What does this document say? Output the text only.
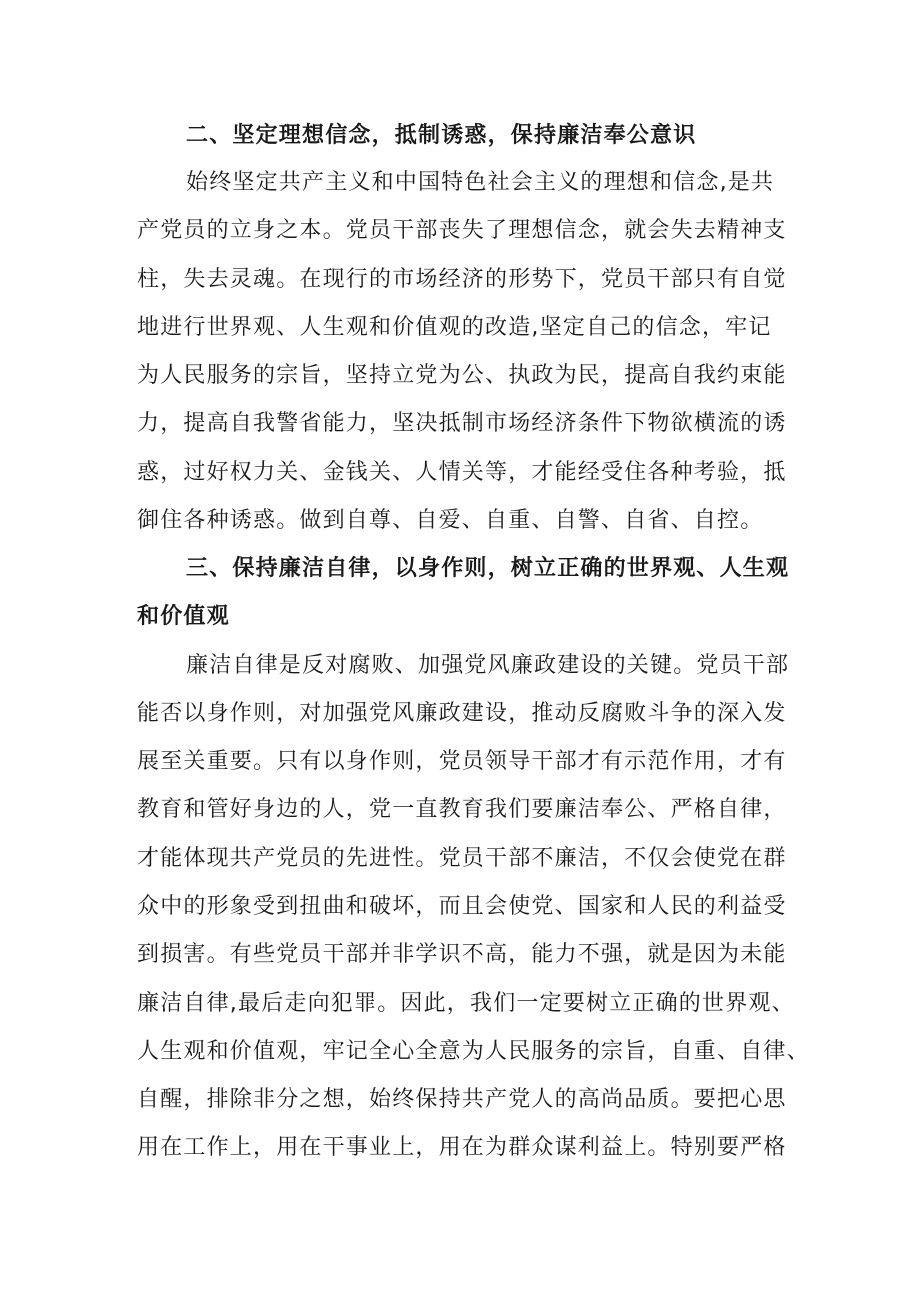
二、坚定理想信念，抵制诱惑，保持廉洁奉公意识
始终坚定共产主义和中国特色社会主义的理想和信念,是共
产党员的立身之本。党员干部丧失了理想信念，就会失去精神支
柱，失去灵魂。在现行的市场经济的形势下，党员干部只有自觉
地进行世界观、人生观和价值观的改造,坚定自己的信念，牢记
为人民服务的宗旨，坚持立党为公、执政为民，提高自我约束能
力，提高自我警省能力，坚决抵制市场经济条件下物欲横流的诱
惑，过好权力关、金钱关、人情关等，才能经受住各种考验，抵
御住各种诱惑。做到自尊、自爱、自重、自警、自省、自控。
三、保持廉洁自律，以身作则，树立正确的世界观、人生观
和价值观
廉洁自律是反对腐败、加强党风廉政建设的关键。党员干部
能否以身作则，对加强党风廉政建设，推动反腐败斗争的深入发
展至关重要。只有以身作则，党员领导干部才有示范作用，才有
教育和管好身边的人，党一直教育我们要廉洁奉公、严格自律，
才能体现共产党员的先进性。党员干部不廉洁，不仅会使党在群
众中的形象受到扭曲和破坏，而且会使党、国家和人民的利益受
到损害。有些党员干部并非学识不高，能力不强，就是因为未能
廉洁自律,最后走向犯罪。因此，我们一定要树立正确的世界观、
人生观和价值观，牢记全心全意为人民服务的宗旨，自重、自律、
自醒，排除非分之想，始终保持共产党人的高尚品质。要把心思
用在工作上，用在干事业上，用在为群众谋利益上。特别要严格
